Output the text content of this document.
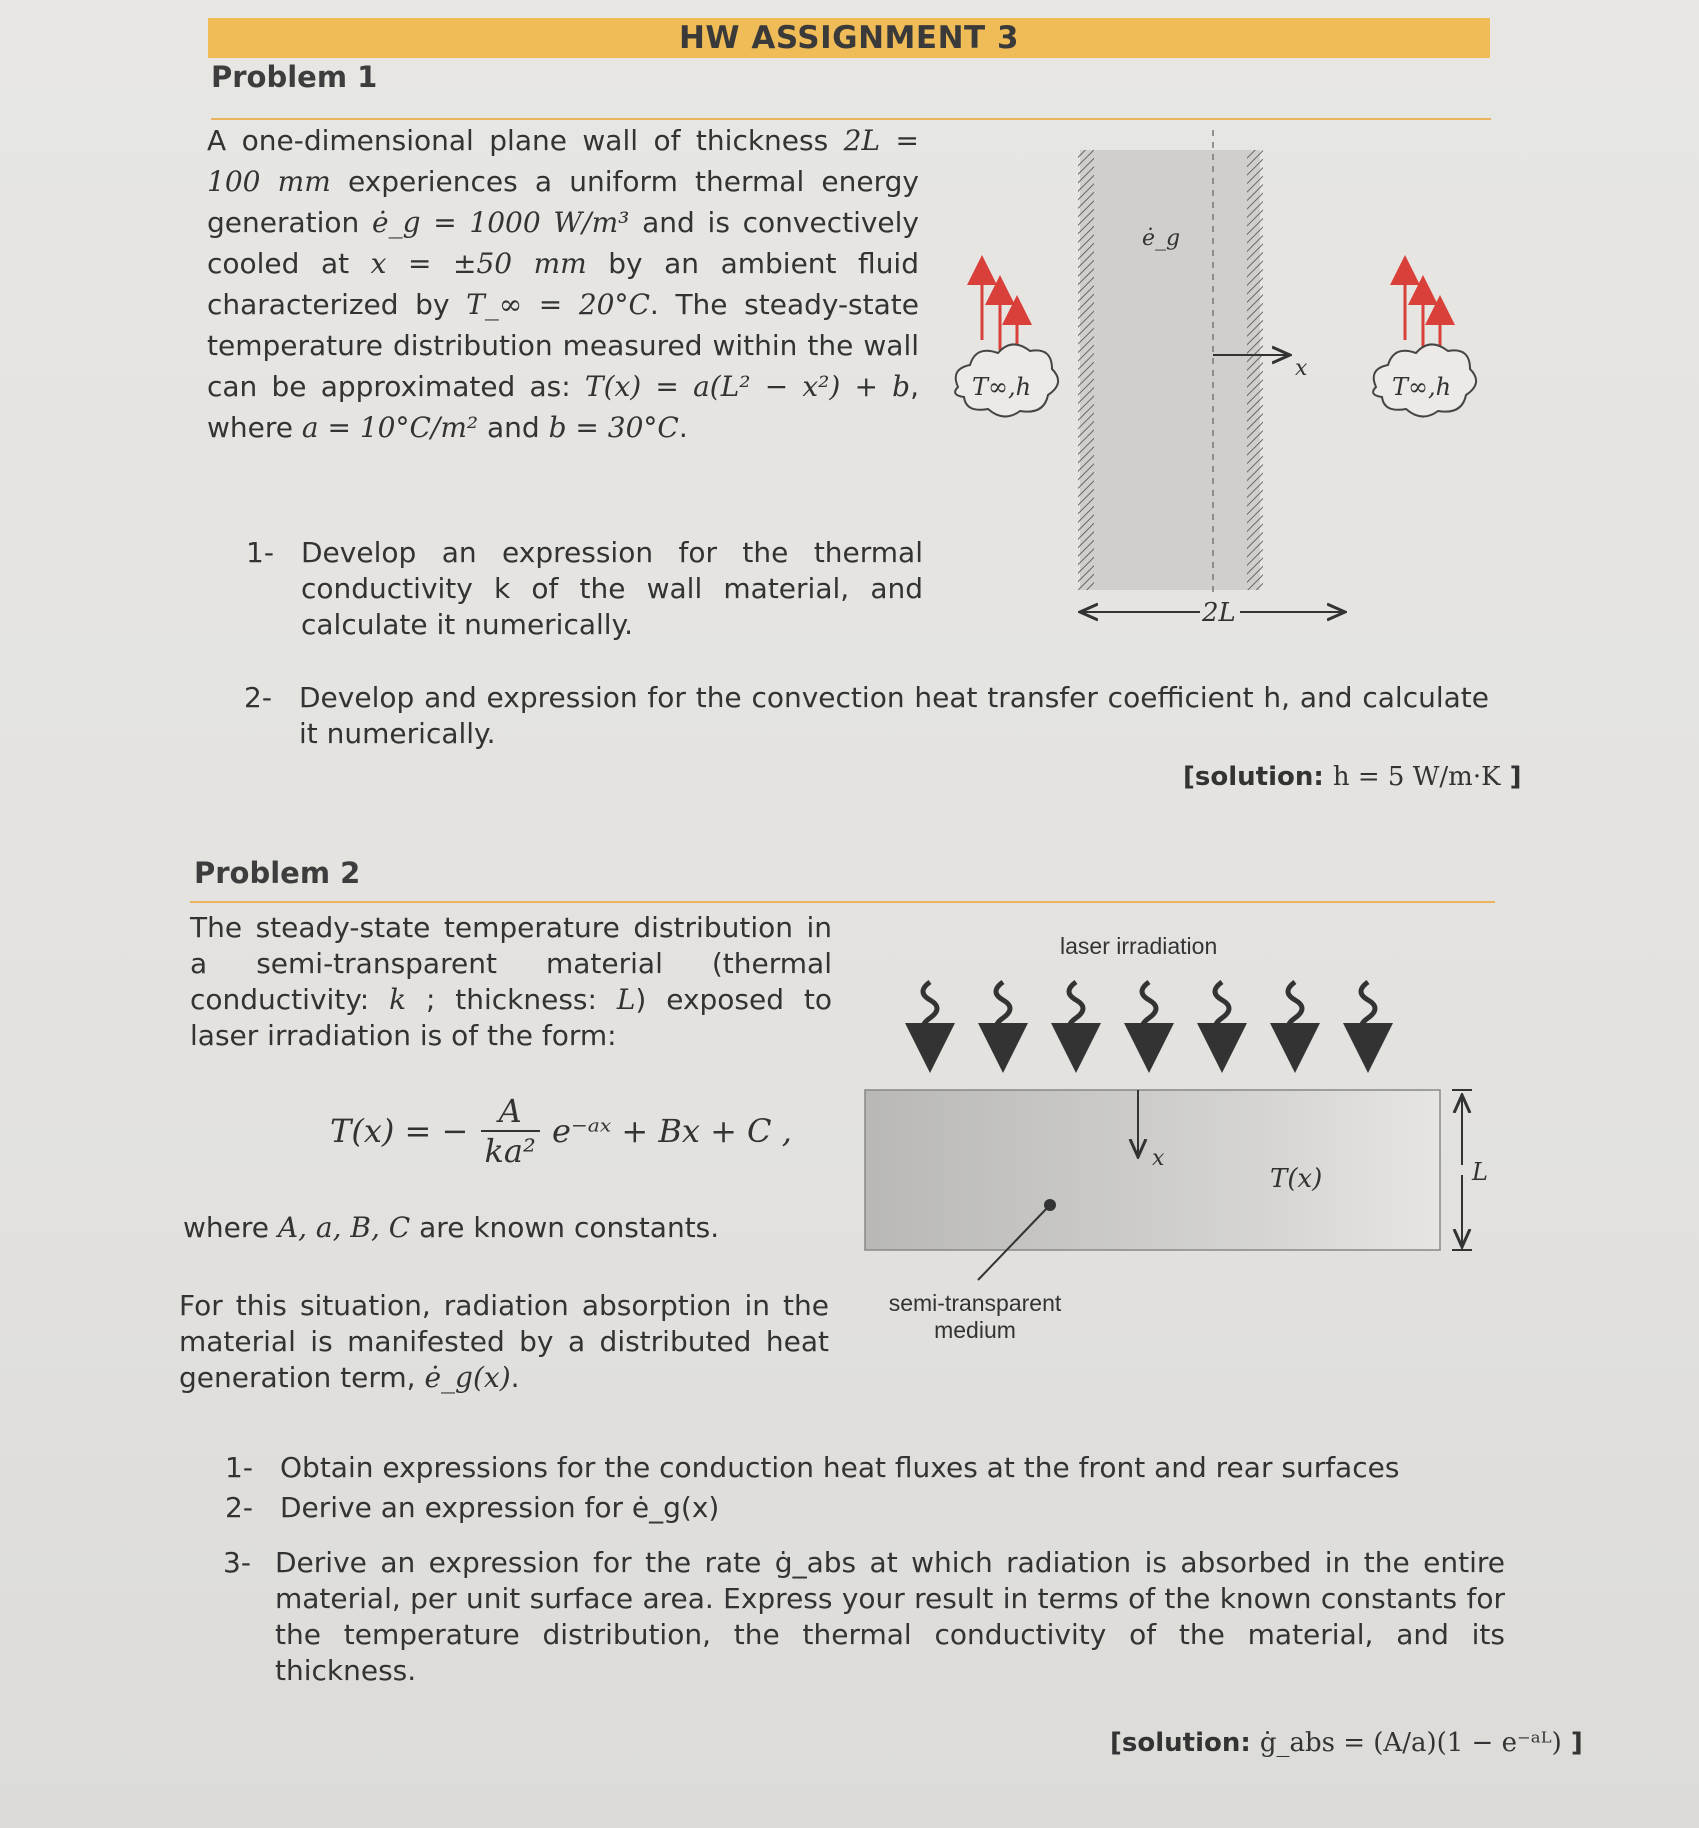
HW ASSIGNMENT 3
Problem 1
A one-dimensional plane wall of thickness 2L = 100 mm experiences a uniform thermal energy generation ė_g = 1000 W/m³ and is convectively cooled at x = ±50 mm by an ambient fluid characterized by T_∞ = 20°C. The steady-state temperature distribution measured within the wall can be approximated as: T(x) = a(L² − x²) + b, where a = 10°C/m² and b = 30°C.
x
ė_g
2L
T∞,h	T∞,h
1- Develop an expression for the thermal conductivity k of the wall material, and calculate it numerically.
2- Develop and expression for the convection heat transfer coefficient h, and calculate it numerically.
[solution: h = 5 W/m·K ]
Problem 2
The steady-state temperature distribution in a semi-transparent material (thermal conductivity: k ; thickness: L) exposed to laser irradiation is of the form:
T(x) = − $\frac{A}{\text{ka²}}$ e⁻ᵃˣ + Bx + C ,
where A, a, B, C are known constants.
For this situation, radiation absorption in the material is manifested by a distributed heat generation term, ė_g(x).
laser irradiation
x
T(x)	L
semi-transparent
medium
1- Obtain expressions for the conduction heat fluxes at the front and rear surfaces
2- Derive an expression for ė_g(x)
3- Derive an expression for the rate ġ_abs at which radiation is absorbed in the entire material, per unit surface area. Express your result in terms of the known constants for the temperature distribution, the thermal conductivity of the material, and its thickness.
[solution: ġ_abs = (A/a)(1 − e⁻ᵃᴸ) ]
